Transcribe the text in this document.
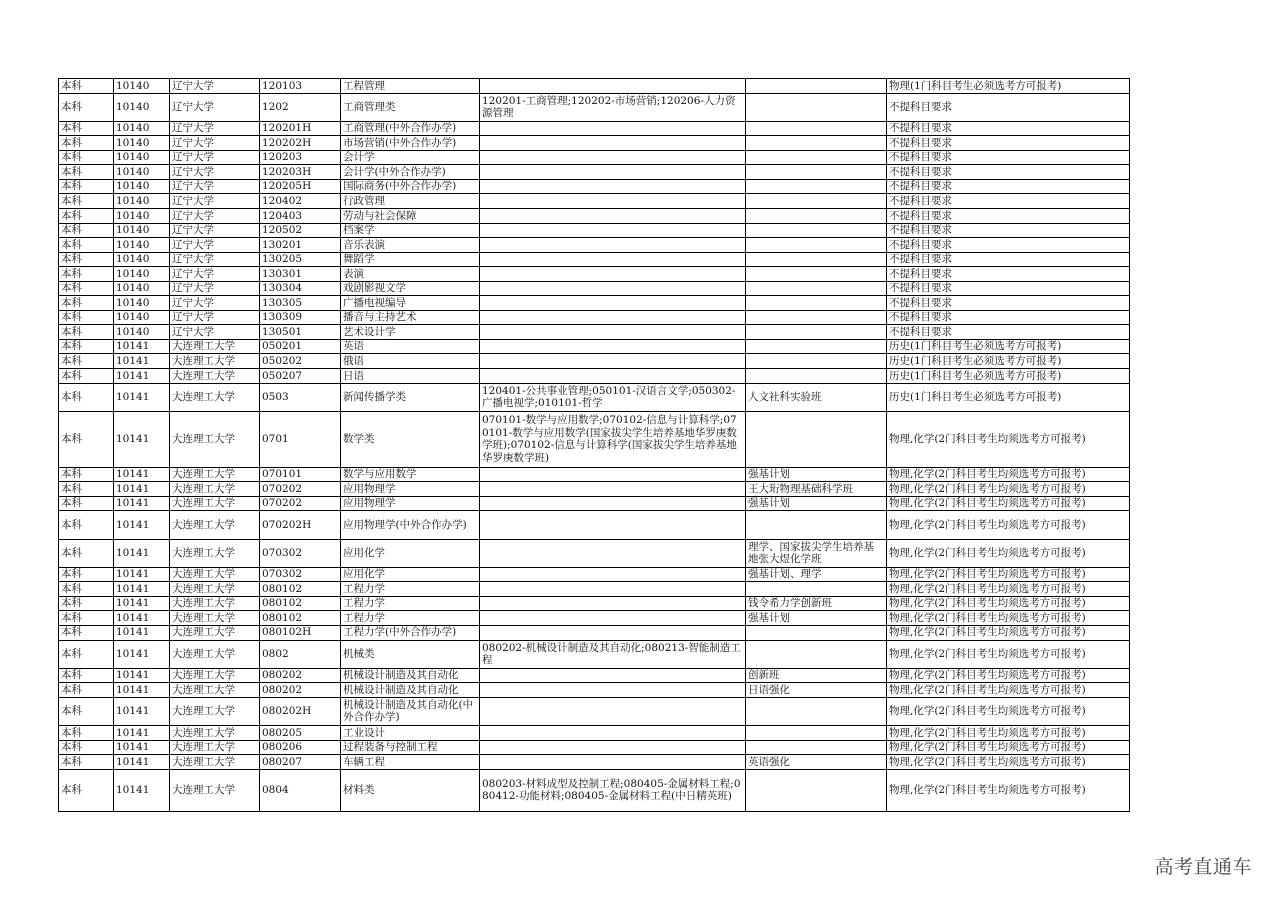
本科	10140	辽宁大学	120103	工程管理			物理(1门科目考生必须选考方可报考)
本科	10140	辽宁大学	1202	工商管理类	120201-工商管理;120202-市场营销;120206-人力资源管理		不提科目要求
本科	10140	辽宁大学	120201H	工商管理(中外合作办学)			不提科目要求
本科	10140	辽宁大学	120202H	市场营销(中外合作办学)			不提科目要求
本科	10140	辽宁大学	120203	会计学			不提科目要求
本科	10140	辽宁大学	120203H	会计学(中外合作办学)			不提科目要求
本科	10140	辽宁大学	120205H	国际商务(中外合作办学)			不提科目要求
本科	10140	辽宁大学	120402	行政管理			不提科目要求
本科	10140	辽宁大学	120403	劳动与社会保障			不提科目要求
本科	10140	辽宁大学	120502	档案学			不提科目要求
本科	10140	辽宁大学	130201	音乐表演			不提科目要求
本科	10140	辽宁大学	130205	舞蹈学			不提科目要求
本科	10140	辽宁大学	130301	表演			不提科目要求
本科	10140	辽宁大学	130304	戏剧影视文学			不提科目要求
本科	10140	辽宁大学	130305	广播电视编导			不提科目要求
本科	10140	辽宁大学	130309	播音与主持艺术			不提科目要求
本科	10140	辽宁大学	130501	艺术设计学			不提科目要求
本科	10141	大连理工大学	050201	英语			历史(1门科目考生必须选考方可报考)
本科	10141	大连理工大学	050202	俄语			历史(1门科目考生必须选考方可报考)
本科	10141	大连理工大学	050207	日语			历史(1门科目考生必须选考方可报考)
本科	10141	大连理工大学	0503	新闻传播学类	120401-公共事业管理;050101-汉语言文学;050302-广播电视学;010101-哲学	人文社科实验班	历史(1门科目考生必须选考方可报考)
本科	10141	大连理工大学	0701	数学类	070101-数学与应用数学;070102-信息与计算科学;070101-数学与应用数学(国家拔尖学生培养基地华罗庚数学班);070102-信息与计算科学(国家拔尖学生培养基地华罗庚数学班)		物理,化学(2门科目考生均须选考方可报考)
本科	10141	大连理工大学	070101	数学与应用数学		强基计划	物理,化学(2门科目考生均须选考方可报考)
本科	10141	大连理工大学	070202	应用物理学		王大珩物理基础科学班	物理,化学(2门科目考生均须选考方可报考)
本科	10141	大连理工大学	070202	应用物理学		强基计划	物理,化学(2门科目考生均须选考方可报考)
本科	10141	大连理工大学	070202H	应用物理学(中外合作办学)			物理,化学(2门科目考生均须选考方可报考)
本科	10141	大连理工大学	070302	应用化学		理学、国家拔尖学生培养基地张大煜化学班	物理,化学(2门科目考生均须选考方可报考)
本科	10141	大连理工大学	070302	应用化学		强基计划、理学	物理,化学(2门科目考生均须选考方可报考)
本科	10141	大连理工大学	080102	工程力学			物理,化学(2门科目考生均须选考方可报考)
本科	10141	大连理工大学	080102	工程力学		钱令希力学创新班	物理,化学(2门科目考生均须选考方可报考)
本科	10141	大连理工大学	080102	工程力学		强基计划	物理,化学(2门科目考生均须选考方可报考)
本科	10141	大连理工大学	080102H	工程力学(中外合作办学)			物理,化学(2门科目考生均须选考方可报考)
本科	10141	大连理工大学	0802	机械类	080202-机械设计制造及其自动化;080213-智能制造工程		物理,化学(2门科目考生均须选考方可报考)
本科	10141	大连理工大学	080202	机械设计制造及其自动化		创新班	物理,化学(2门科目考生均须选考方可报考)
本科	10141	大连理工大学	080202	机械设计制造及其自动化		日语强化	物理,化学(2门科目考生均须选考方可报考)
本科	10141	大连理工大学	080202H	机械设计制造及其自动化(中外合作办学)			物理,化学(2门科目考生均须选考方可报考)
本科	10141	大连理工大学	080205	工业设计			物理,化学(2门科目考生均须选考方可报考)
本科	10141	大连理工大学	080206	过程装备与控制工程			物理,化学(2门科目考生均须选考方可报考)
本科	10141	大连理工大学	080207	车辆工程		英语强化	物理,化学(2门科目考生均须选考方可报考)
本科	10141	大连理工大学	0804	材料类	080203-材料成型及控制工程;080405-金属材料工程;080412-功能材料;080405-金属材料工程(中日精英班)		物理,化学(2门科目考生均须选考方可报考)
高考直通车
